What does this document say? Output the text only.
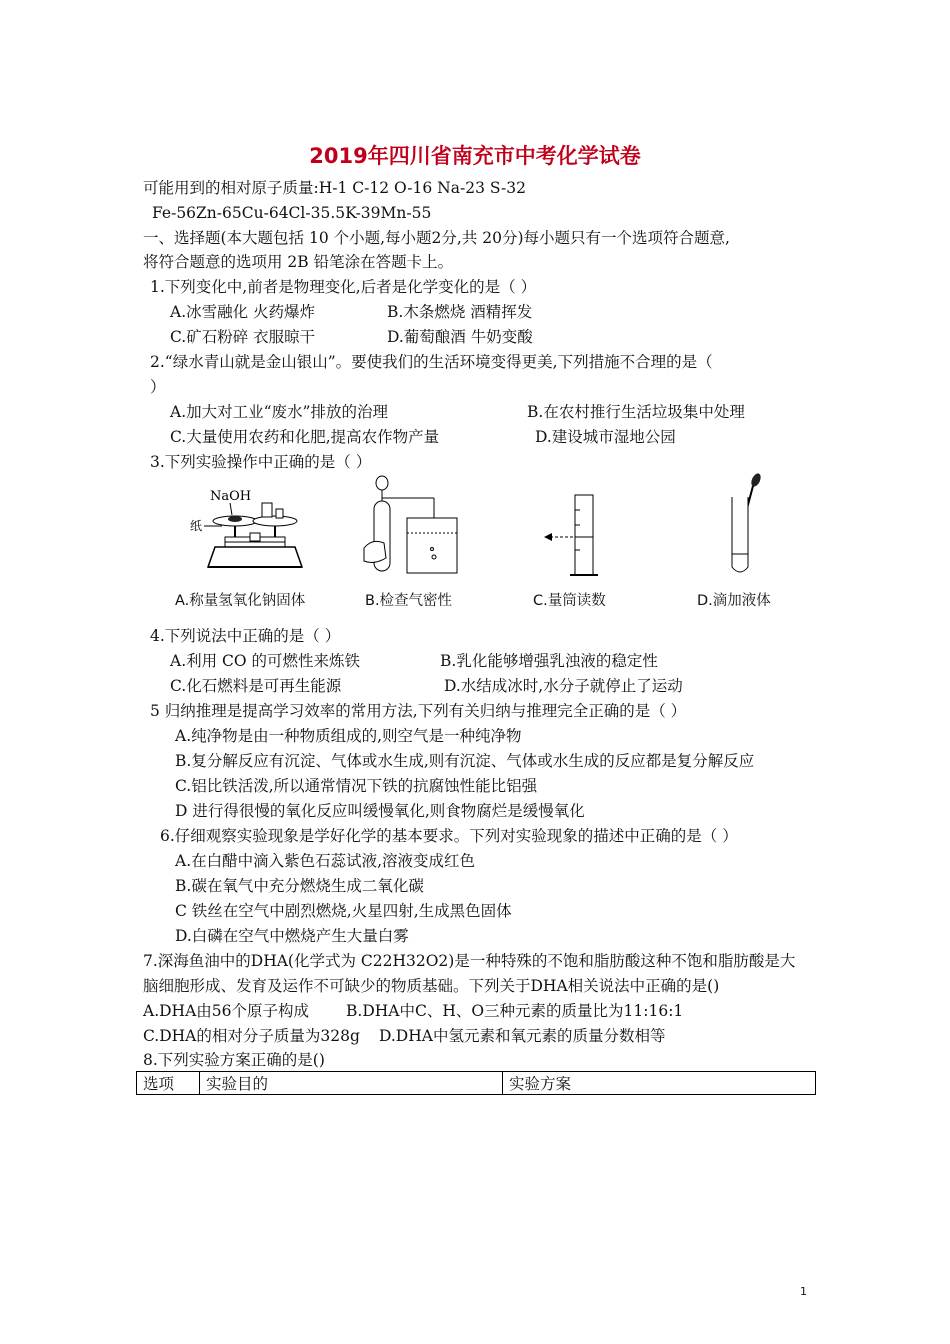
2019年四川省南充市中考化学试卷
可能用到的相对原子质量:H-1 C-12 O-16 Na-23 S-32
Fe-56Zn-65Cu-64Cl-35.5K-39Mn-55
一、选择题(本大题包括 10 个小题,每小题2分,共 20分)每小题只有一个选项符合题意,
将符合题意的选项用 2B 铅笔涂在答题卡上。
1.下列变化中,前者是物理变化,后者是化学变化的是（ ）
A.冰雪融化 火药爆炸	B.木条燃烧 酒精挥发
C.矿石粉碎 衣服晾干	D.葡萄酿酒 牛奶变酸
2.“绿水青山就是金山银山”。要使我们的生活环境变得更美,下列措施不合理的是（
）
A.加大对工业“废水”排放的治理	B.在农村推行生活垃圾集中处理
C.大量使用农药和化肥,提高农作物产量	D.建设城市湿地公园
3.下列实验操作中正确的是（ ）
NaOH
纸
A.称量氢氧化钠固体	B.检查气密性	C.量筒读数	D.滴加液体
4.下列说法中正确的是（ ）
A.利用 CO 的可燃性来炼铁	B.乳化能够增强乳浊液的稳定性
C.化石燃料是可再生能源	D.水结成冰时,水分子就停止了运动
5 归纳推理是提高学习效率的常用方法,下列有关归纳与推理完全正确的是（ ）
A.纯净物是由一种物质组成的,则空气是一种纯净物
B.复分解反应有沉淀、气体或水生成,则有沉淀、气体或水生成的反应都是复分解反应
C.铝比铁活泼,所以通常情况下铁的抗腐蚀性能比铝强
D 进行得很慢的氧化反应叫缓慢氧化,则食物腐烂是缓慢氧化
6.仔细观察实验现象是学好化学的基本要求。下列对实验现象的描述中正确的是（ ）
A.在白醋中滴入紫色石蕊试液,溶液变成红色
B.碳在氧气中充分燃烧生成二氧化碳
C 铁丝在空气中剧烈燃烧,火星四射,生成黑色固体
D.白磷在空气中燃烧产生大量白雾
7.深海鱼油中的DHA(化学式为 C22H32O2)是一种特殊的不饱和脂肪酸这种不饱和脂肪酸是大
脑细胞形成、发育及运作不可缺少的物质基础。下列关于DHA相关说法中正确的是()
A.DHA由56个原子构成 B.DHA中C、H、O三种元素的质量比为11:16:1
C.DHA的相对分子质量为328g D.DHA中氢元素和氧元素的质量分数相等
8.下列实验方案正确的是()
选项	实验目的	实验方案
1
